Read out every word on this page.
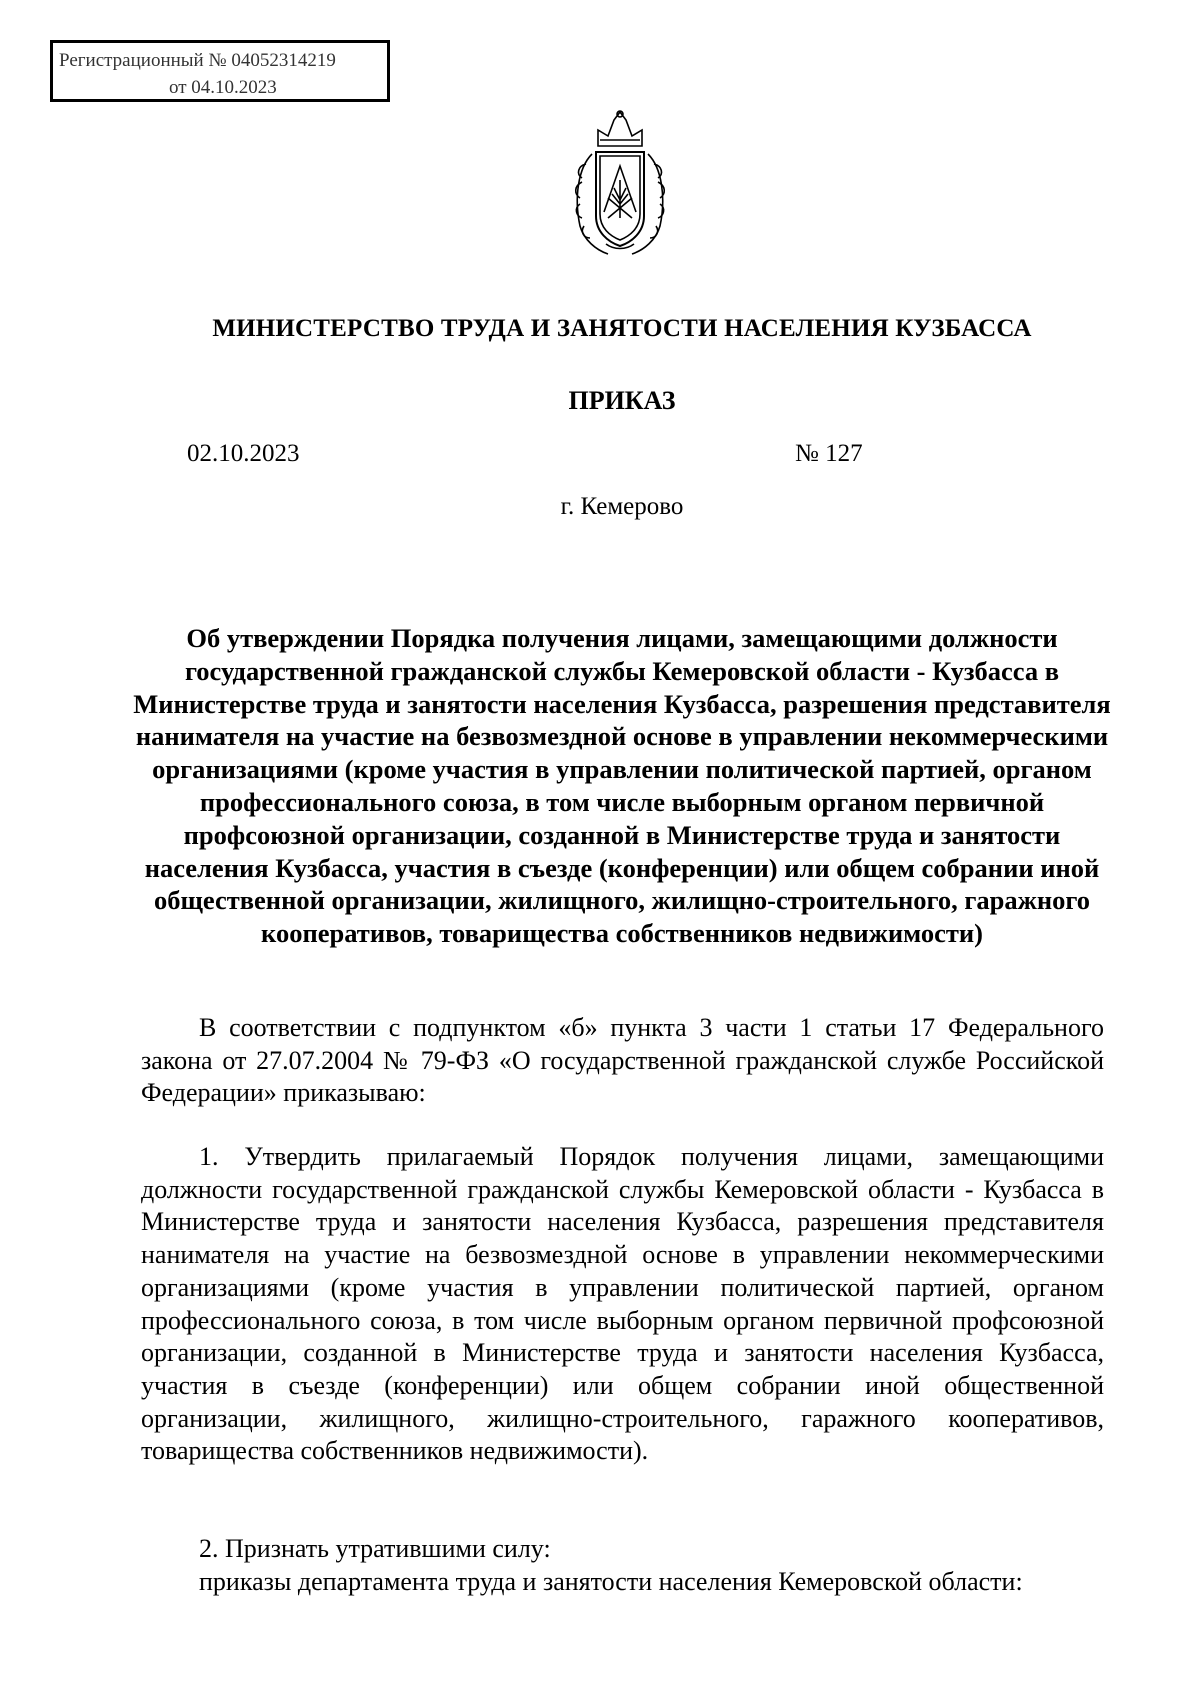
Регистрационный № 04052314219
от 04.10.2023
МИНИСТЕРСТВО ТРУДА И ЗАНЯТОСТИ НАСЕЛЕНИЯ КУЗБАССА
ПРИКАЗ
02.10.2023	№ 127
г. Кемерово
Об утверждении Порядка получения лицами, замещающими должности государственной гражданской службы Кемеровской области - Кузбасса в Министерстве труда и занятости населения Кузбасса, разрешения представителя нанимателя на участие на безвозмездной основе в управлении некоммерческими организациями (кроме участия в управлении политической партией, органом профессионального союза, в том числе выборным органом первичной профсоюзной организации, созданной в Министерстве труда и занятости населения Кузбасса, участия в съезде (конференции) или общем собрании иной общественной организации, жилищного, жилищно-строительного, гаражного кооперативов, товарищества собственников недвижимости)
В соответствии с подпунктом «б» пункта 3 части 1 статьи 17 Федерального закона от 27.07.2004 № 79-ФЗ «О государственной гражданской службе Российской Федерации» приказываю:
1. Утвердить прилагаемый Порядок получения лицами, замещающими должности государственной гражданской службы Кемеровской области - Кузбасса в Министерстве труда и занятости населения Кузбасса, разрешения представителя нанимателя на участие на безвозмездной основе в управлении некоммерческими организациями (кроме участия в управлении политической партией, органом профессионального союза, в том числе выборным органом первичной профсоюзной организации, созданной в Министерстве труда и занятости населения Кузбасса, участия в съезде (конференции) или общем собрании иной общественной организации, жилищного, жилищно-строительного, гаражного кооперативов, товарищества собственников недвижимости).
2. Признать утратившими силу:
приказы департамента труда и занятости населения Кемеровской области:
